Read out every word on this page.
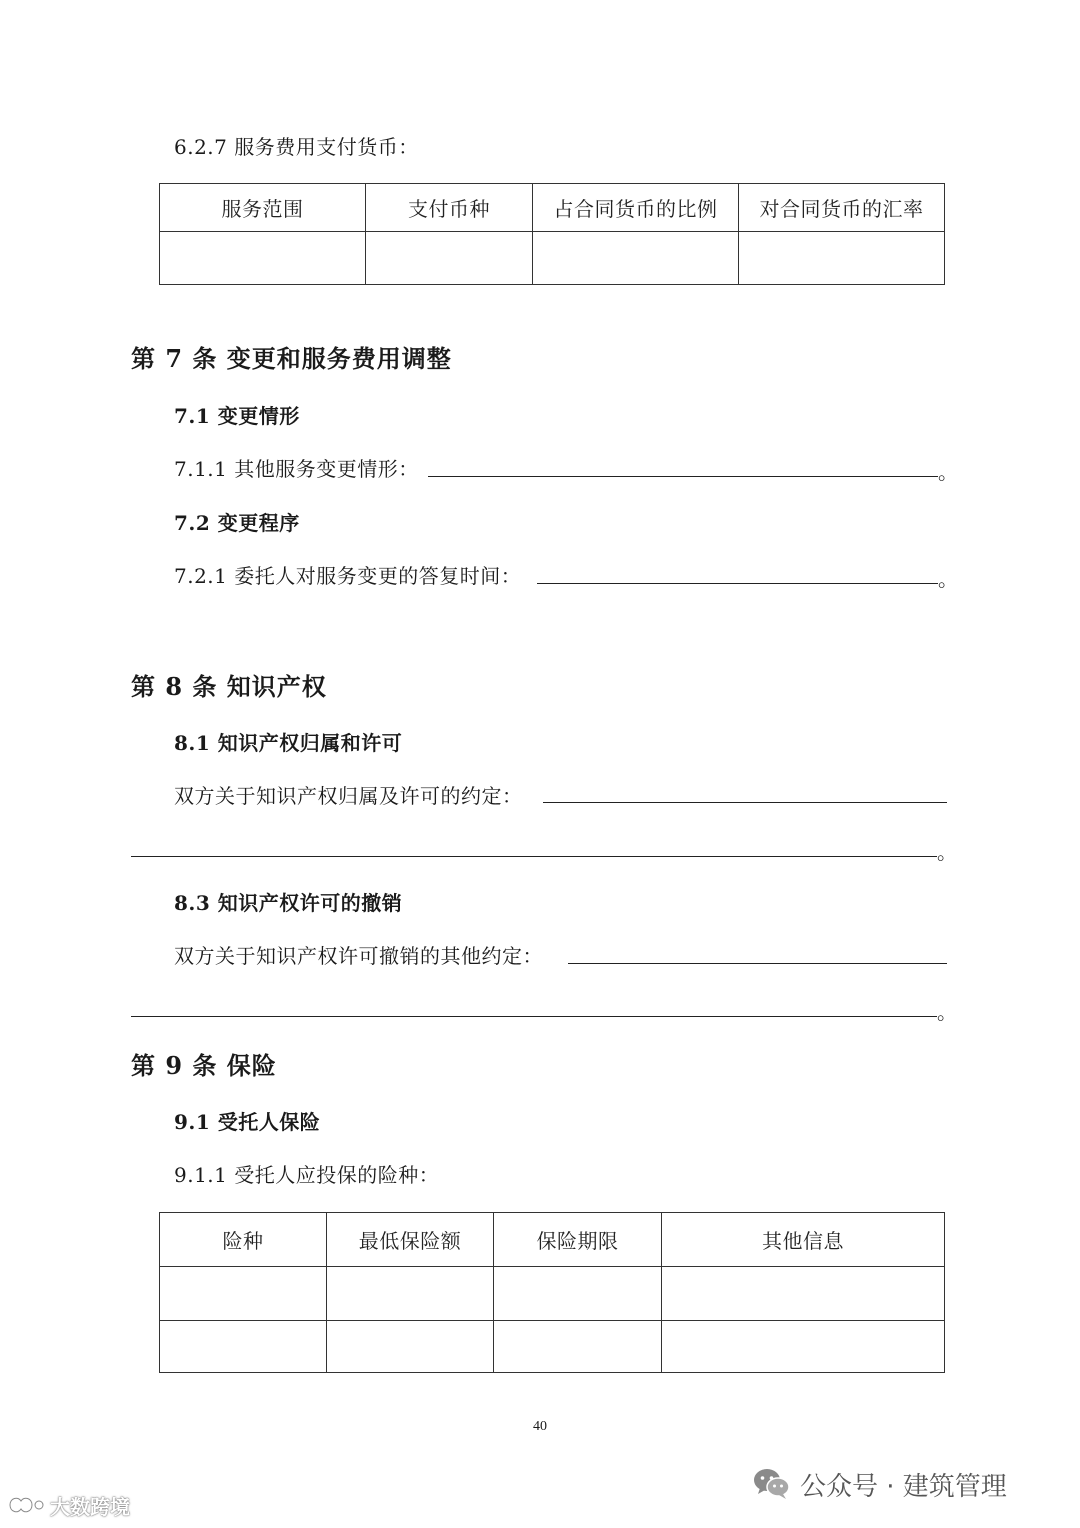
6.2.7 服务费用支付货币：
服务范围	支付币种	占合同货币的比例	对合同货币的汇率

第 7 条 变更和服务费用调整
7.1 变更情形
7.1.1 其他服务变更情形：	。
7.2 变更程序
7.2.1 委托人对服务变更的答复时间：	。
第 8 条 知识产权
8.1 知识产权归属和许可
双方关于知识产权归属及许可的约定：
。
8.3 知识产权许可的撤销
双方关于知识产权许可撤销的其他约定：
。
第 9 条 保险
9.1 受托人保险
9.1.1 受托人应投保的险种：
险种	最低保险额	保险期限	其他信息

40
公众号 · 建筑管理
大数跨境
